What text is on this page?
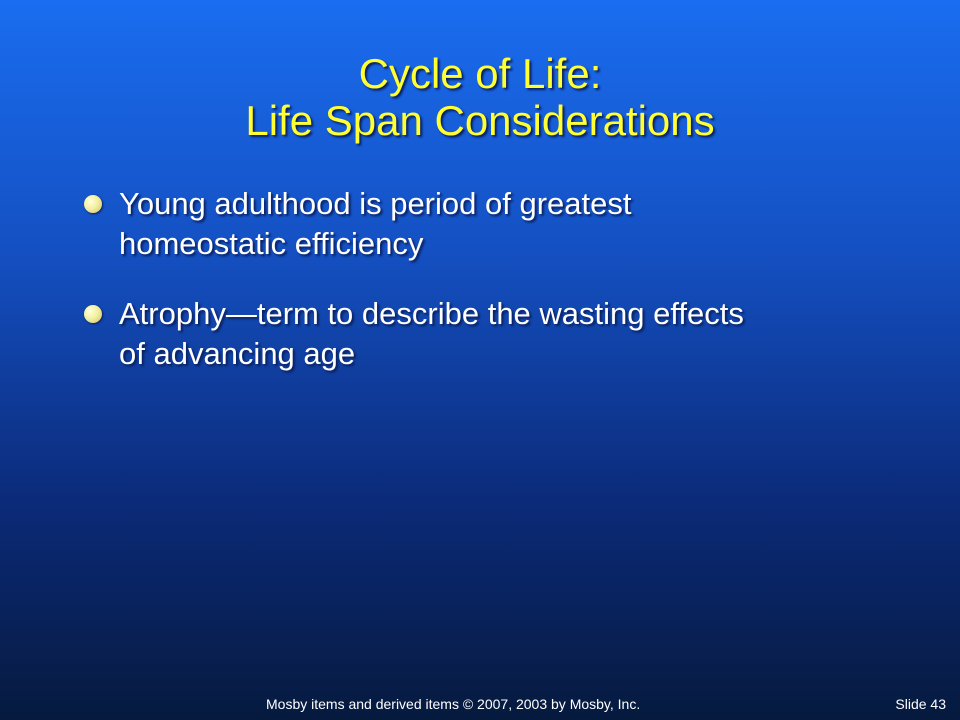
Cycle of Life:
Life Span Considerations
Young adulthood is period of greatest
homeostatic efficiency
Atrophy—term to describe the wasting effects
of advancing age
Mosby items and derived items © 2007, 2003 by Mosby, Inc.	Slide 43
